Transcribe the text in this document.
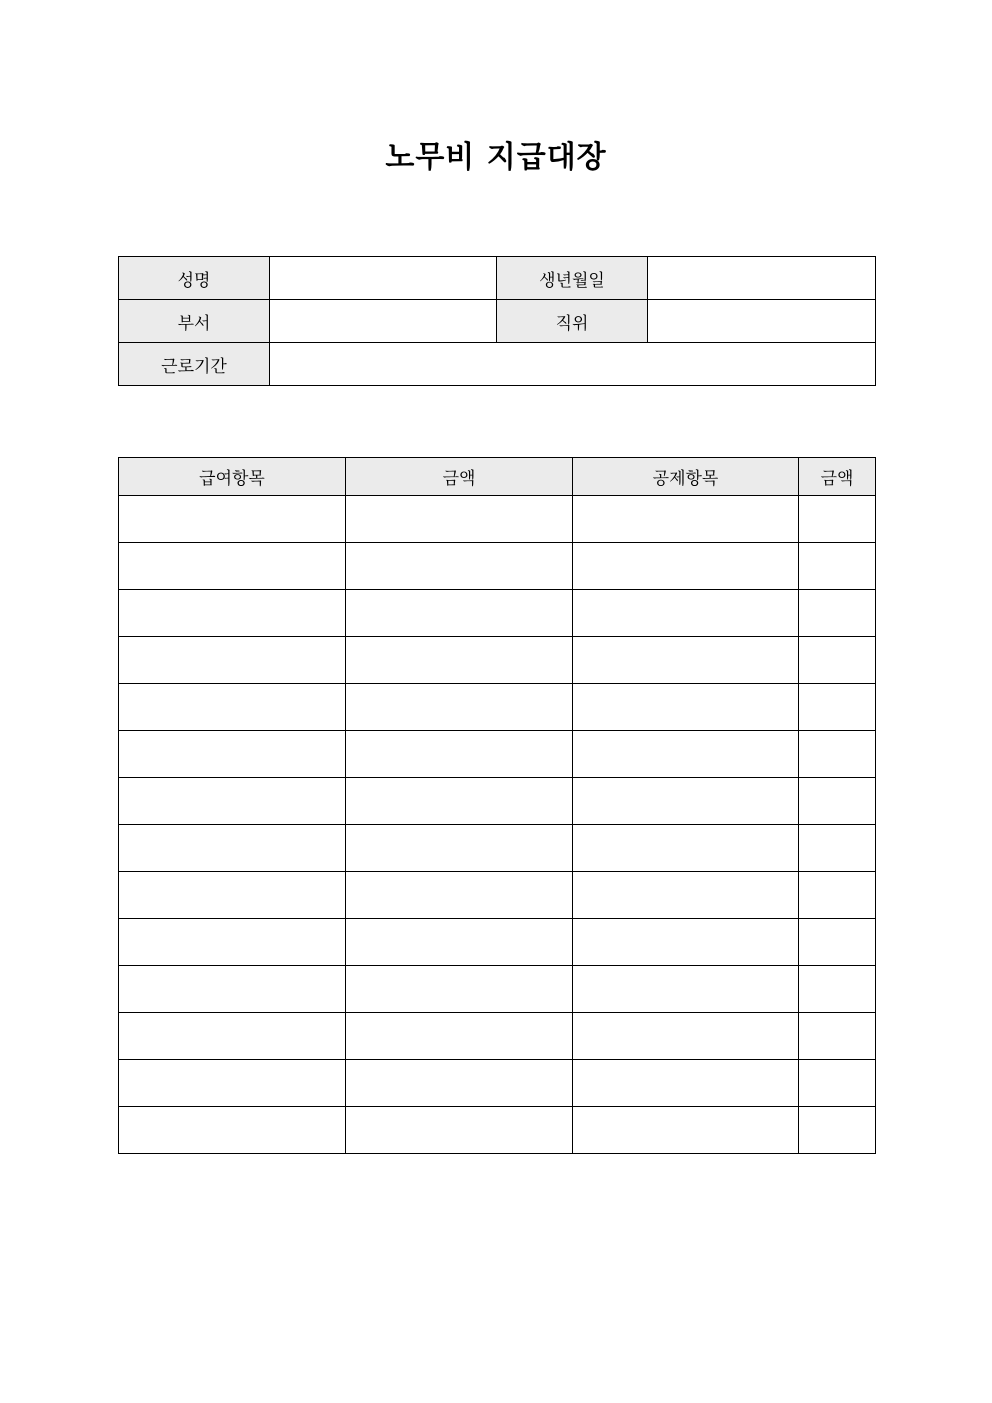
노무비 지급대장
성명		생년월일	
부서		직위	
근로기간			
급여항목	금액	공제항목	금액
